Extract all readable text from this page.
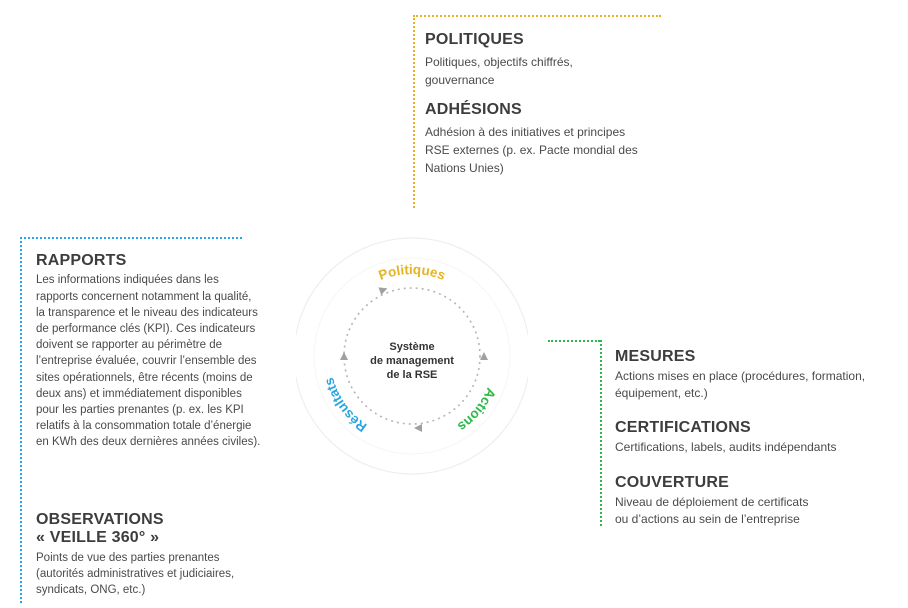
POLITIQUES
Politiques, objectifs chiffrés,
gouvernance
ADHÉSIONS
Adhésion à des initiatives et principes
RSE externes (p. ex. Pacte mondial des
Nations Unies)
RAPPORTS
Les informations indiquées dans les
rapports concernent notamment la qualité,
la transparence et le niveau des indicateurs
de performance clés (KPI). Ces indicateurs
doivent se rapporter au périmètre de
l’entreprise évaluée, couvrir l’ensemble des
sites opérationnels, être récents (moins de
deux ans) et immédiatement disponibles
pour les parties prenantes (p. ex. les KPI
relatifs à la consommation totale d’énergie
en KWh des deux dernières années civiles).
OBSERVATIONS
« VEILLE 360° »
Points de vue des parties prenantes
(autorités administratives et judiciaires,
syndicats, ONG, etc.)
MESURES
Actions mises en place (procédures, formation,
équipement, etc.)
CERTIFICATIONS
Certifications, labels, audits indépendants
COUVERTURE
Niveau de déploiement de certificats
ou d’actions au sein de l’entreprise
Politiques
Actions
Résultats
Système
de management
de la RSE
